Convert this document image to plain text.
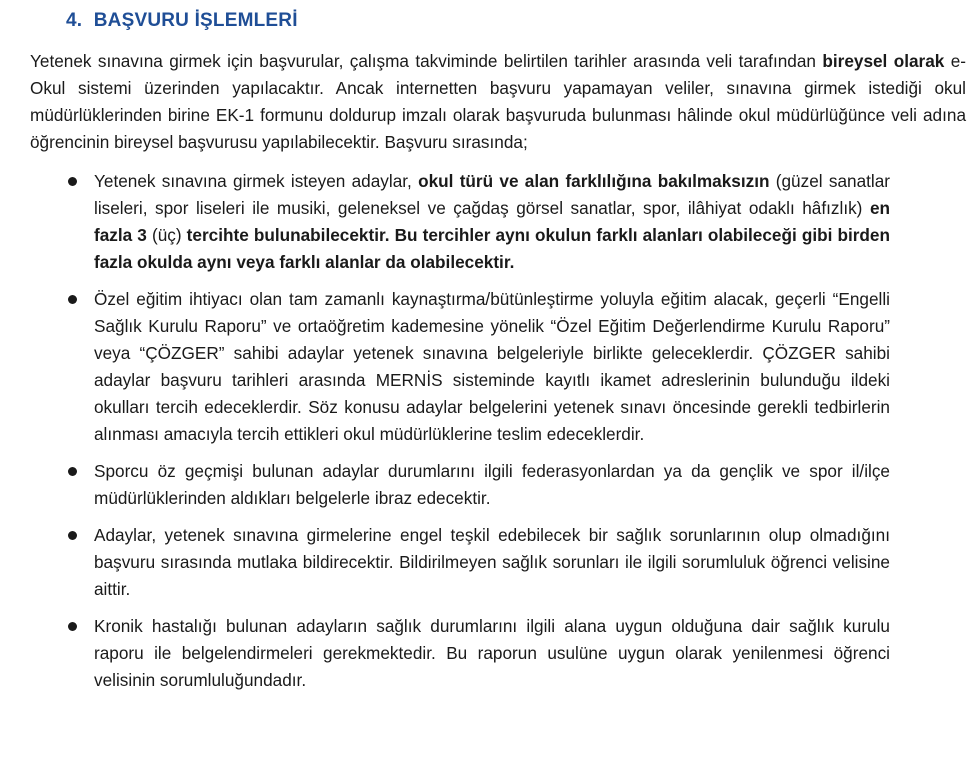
4. BAŞVURU İŞLEMLERİ

Yetenek sınavına girmek için başvurular, çalışma takviminde belirtilen tarihler arasında veli tarafından bireysel olarak e-Okul sistemi üzerinden yapılacaktır. Ancak internetten başvuru yapamayan veliler, sınavına girmek istediği okul müdürlüklerinden birine EK-1 formunu doldurup imzalı olarak başvuruda bulunması hâlinde okul müdürlüğünce veli adına öğrencinin bireysel başvurusu yapılabilecektir. Başvuru sırasında;

Yetenek sınavına girmek isteyen adaylar, okul türü ve alan farklılığına bakılmaksızın (güzel sanatlar liseleri, spor liseleri ile musiki, geleneksel ve çağdaş görsel sanatlar, spor, ilâhiyat odaklı hâfızlık) en fazla 3 (üç) tercihte bulunabilecektir. Bu tercihler aynı okulun farklı alanları olabileceği gibi birden fazla okulda aynı veya farklı alanlar da olabilecektir.
Özel eğitim ihtiyacı olan tam zamanlı kaynaştırma/bütünleştirme yoluyla eğitim alacak, geçerli “Engelli Sağlık Kurulu Raporu” ve ortaöğretim kademesine yönelik “Özel Eğitim Değerlendirme Kurulu Raporu” veya “ÇÖZGER” sahibi adaylar yetenek sınavına belgeleriyle birlikte geleceklerdir. ÇÖZGER sahibi adaylar başvuru tarihleri arasında MERNİS sisteminde kayıtlı ikamet adreslerinin bulunduğu ildeki okulları tercih edeceklerdir. Söz konusu adaylar belgelerini yetenek sınavı öncesinde gerekli tedbirlerin alınması amacıyla tercih ettikleri okul müdürlüklerine teslim edeceklerdir.
Sporcu öz geçmişi bulunan adaylar durumlarını ilgili federasyonlardan ya da gençlik ve spor il/ilçe müdürlüklerinden aldıkları belgelerle ibraz edecektir.
Adaylar, yetenek sınavına girmelerine engel teşkil edebilecek bir sağlık sorunlarının olup olmadığını başvuru sırasında mutlaka bildirecektir. Bildirilmeyen sağlık sorunları ile ilgili sorumluluk öğrenci velisine aittir.
Kronik hastalığı bulunan adayların sağlık durumlarını ilgili alana uygun olduğuna dair sağlık kurulu raporu ile belgelendirmeleri gerekmektedir. Bu raporun usulüne uygun olarak yenilenmesi öğrenci velisinin sorumluluğundadır.
